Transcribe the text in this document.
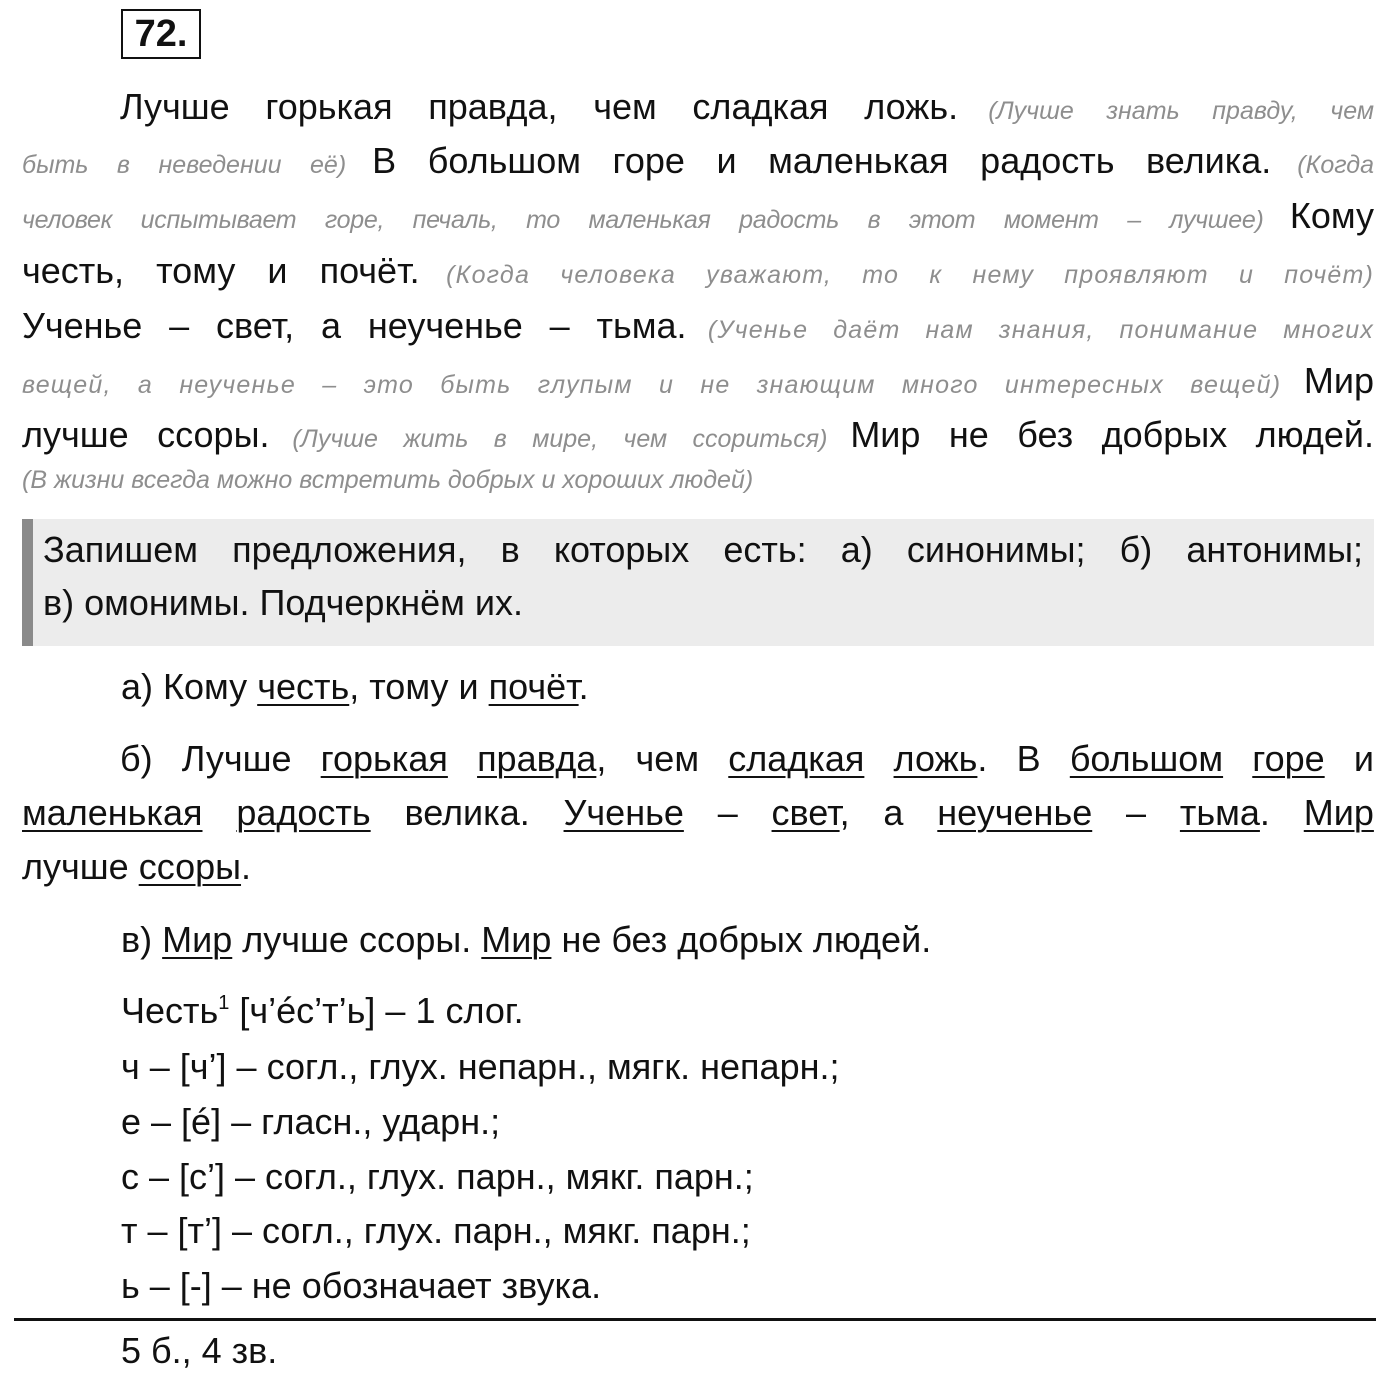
72.
Лучше горькая правда, чем сладкая ложь. (Лучше знать правду, чем
быть в неведении её) В большом горе и маленькая радость велика. (Когда
человек испытывает горе, печаль, то маленькая радость в этот момент – лучшее) Кому
честь, тому и почёт. (Когда человека уважают, то к нему проявляют и почёт)
Ученье – свет, а неученье – тьма. (Ученье даёт нам знания, понимание многих
вещей, а неученье – это быть глупым и не знающим много интересных вещей) Мир
лучше ссоры. (Лучше жить в мире, чем ссориться) Мир не без добрых людей.
(В жизни всегда можно встретить добрых и хороших людей)
Запишем предложения, в которых есть: а) синонимы; б) антонимы;
в) омонимы. Подчеркнём их.
а) Кому честь, тому и почёт.
б) Лучше горькая правда, чем сладкая ложь. В большом горе и
маленькая радость велика. Ученье – свет, а неученье – тьма. Мир
лучше ссоры.
в) Мир лучше ссоры. Мир не без добрых людей.
Честь$^1$ [ч’éс’т’ь] – 1 слог.
ч – [ч’] – согл., глух. непарн., мягк. непарн.;
е – [é] – гласн., ударн.;
с – [с’] – согл., глух. парн., мякг. парн.;
т – [т’] – согл., глух. парн., мякг. парн.;
ь – [-] – не обозначает звука.
5 б., 4 зв.
